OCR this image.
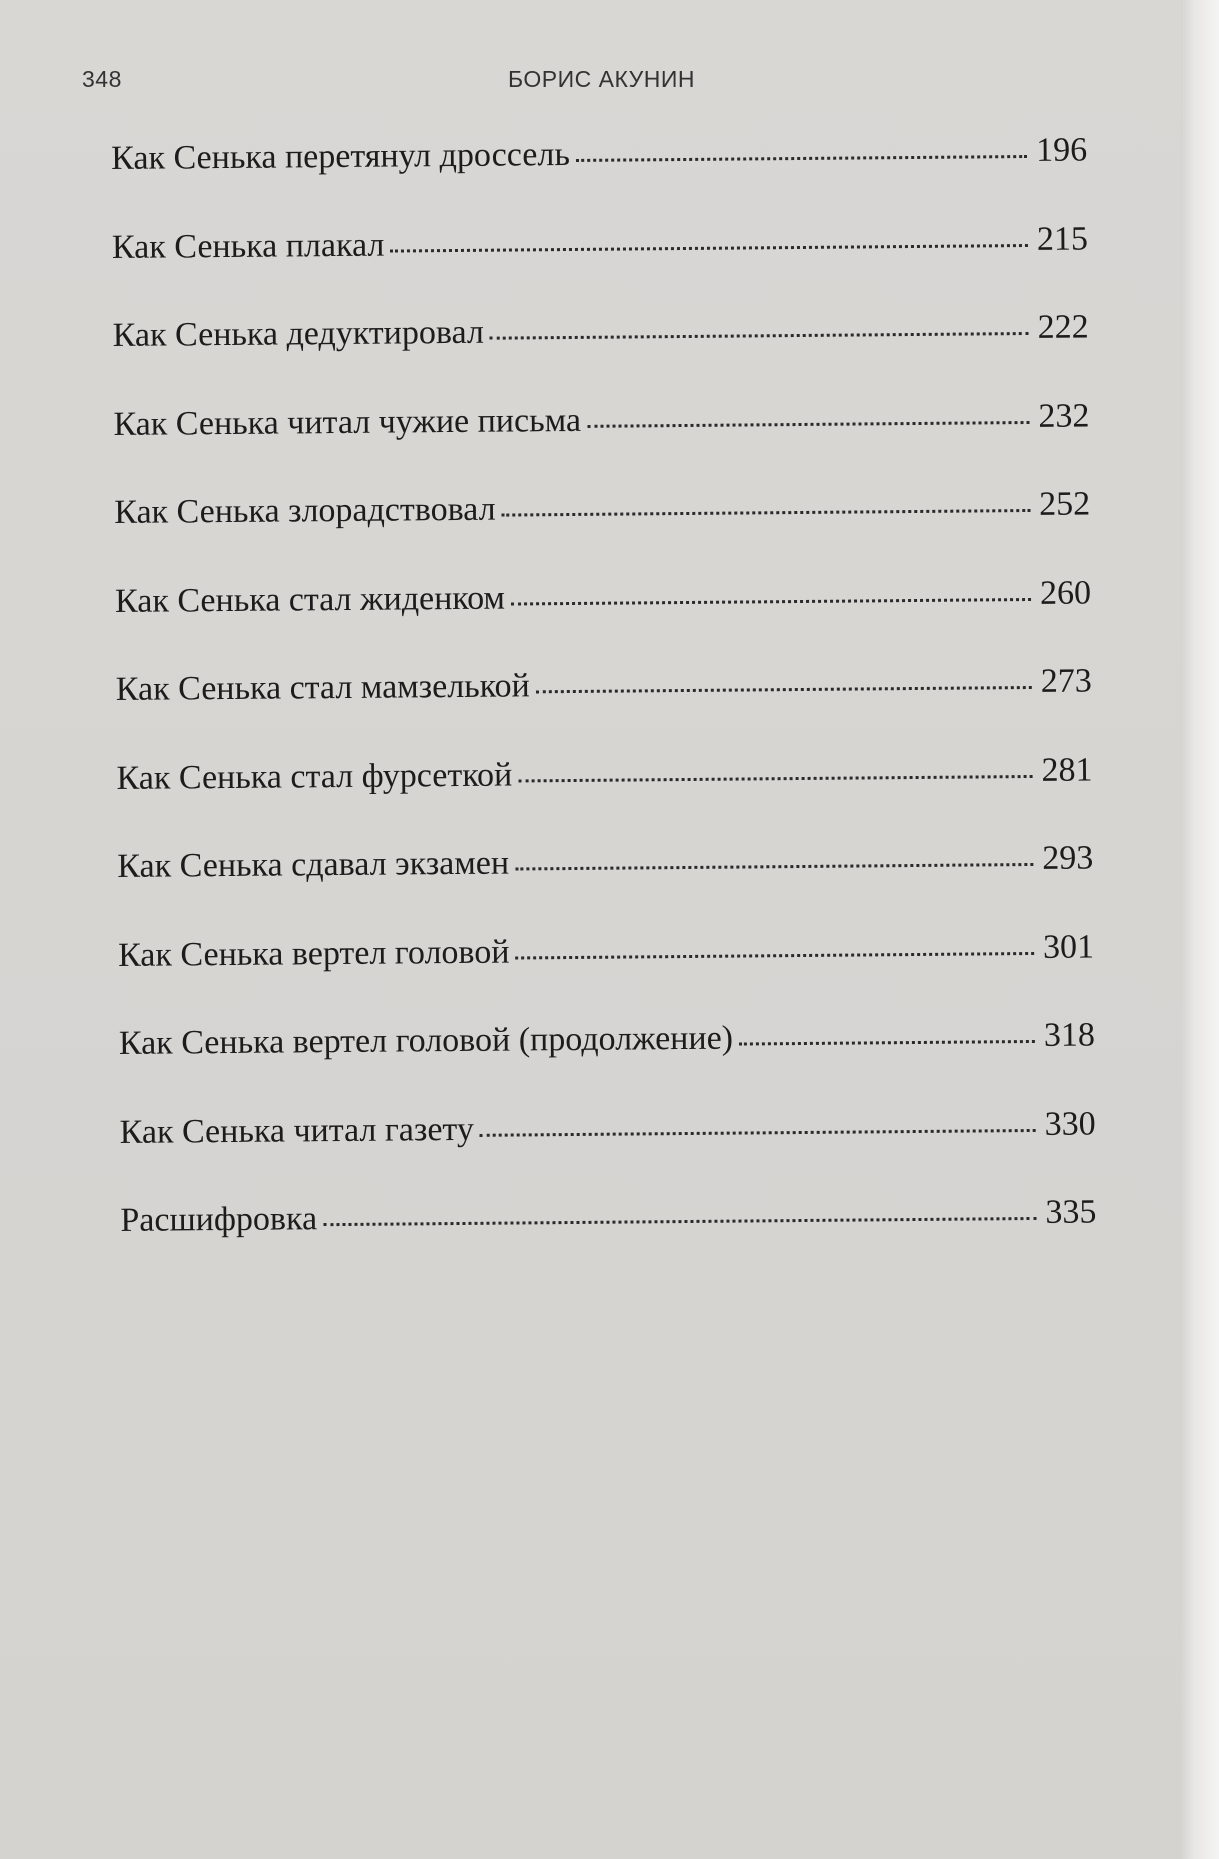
348	БОРИС АКУНИН
Как Сенька перетянул дроссель	196
Как Сенька плакал	215
Как Сенька дедуктировал	222
Как Сенька читал чужие письма	232
Как Сенька злорадствовал	252
Как Сенька стал жиденком	260
Как Сенька стал мамзелькой	273
Как Сенька стал фурсеткой	281
Как Сенька сдавал экзамен	293
Как Сенька вертел головой	301
Как Сенька вертел головой (продолжение)	318
Как Сенька читал газету	330
Расшифровка	335
